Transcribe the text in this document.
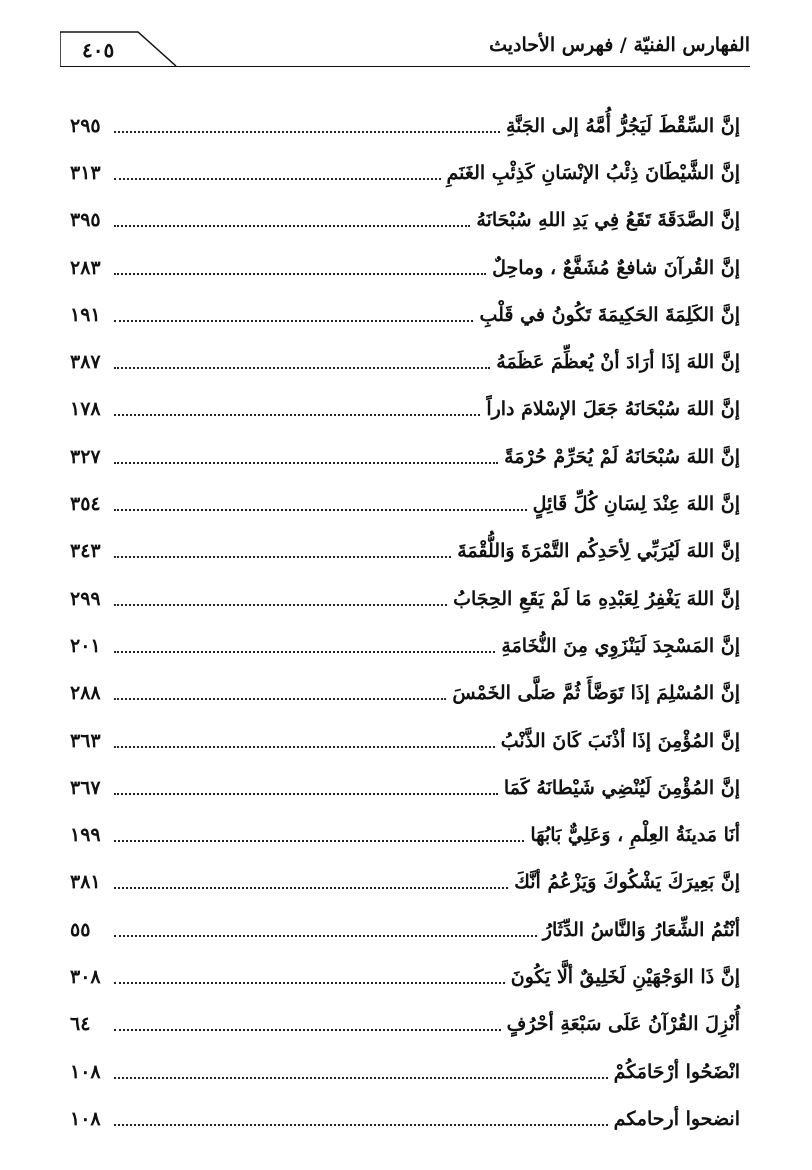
٤٠٥	الفهارس الفنيّة / فهرس الأحاديث
إنَّ السِّقْطَ لَيَجُرُّ أُمَّهُ إلى الجَنَّةِ
٢٩٥
إنَّ الشَّيْطَانَ ذِئْبُ الإنْسَانِ كَذِئْبِ الغَنَمِ
٣١٣
إنَّ الصَّدَقَةَ تَقَعُ فِي يَدِ اللهِ سُبْحَانَهُ
٣٩٥
إنَّ القُرآنَ شافعٌ مُشَفَّعٌ ، وماحِلٌ
٢٨٣
إنَّ الكَلِمَةَ الحَكِيمَةَ تَكُونُ في قَلْبِ
١٩١
إنَّ اللهَ إذَا أرَادَ أنْ يُعظِّمَ عَظَمَهُ
٣٨٧
إنَّ اللهَ سُبْحَانَهُ جَعَلَ الإسْلامَ داراً
١٧٨
إنَّ اللهَ سُبْحَانَهُ لَمْ يُحَرِّمْ حُرْمَةً
٣٢٧
إنَّ اللهَ عِنْدَ لِسَانِ كُلِّ قَائِلٍ
٣٥٤
إنَّ اللهَ لَيُرَبِّي لِأحَدِكُم التَّمْرَةَ وَاللُّقْمَةَ
٣٤٣
إنَّ اللهَ يَغْفِرُ لِعَبْدِهِ مَا لَمْ يَقَعِ الحِجَابُ
٢٩٩
إنَّ المَسْجِدَ لَيَنْزَوِي مِنَ النُّخَامَةِ
٢٠١
إنَّ المُسْلِمَ إذَا تَوَضَّأَ ثُمَّ صَلَّى الخَمْسَ
٢٨٨
إنَّ المُؤْمِنَ إذَا أذْنَبَ كَانَ الذَّنْبُ
٣٦٣
إنَّ المُؤْمِنَ لَيُنْضِي شَيْطانَهُ كَمَا
٣٦٧
أنَا مَدينَةُ العِلْمِ ، وَعَلِيٌّ بَابُهَا
١٩٩
إنَّ بَعِيرَكَ يَشْكُوكَ وَيَزْعُمُ أنَّكَ
٣٨١
أنْتُمُ الشِّعَارُ وَالنَّاسُ الدِّثَارُ
٥٥
إنَّ ذَا الوَجْهَيْنِ لَخَلِيقٌ ألَّا يَكُونَ
٣٠٨
أُنْزِلَ القُرْآنُ عَلَى سَبْعَةِ أحْرُفٍ
٦٤
انْضَحُوا أرْحَامَكُمْ
١٠٨
انضحوا أرحامكم
١٠٨
